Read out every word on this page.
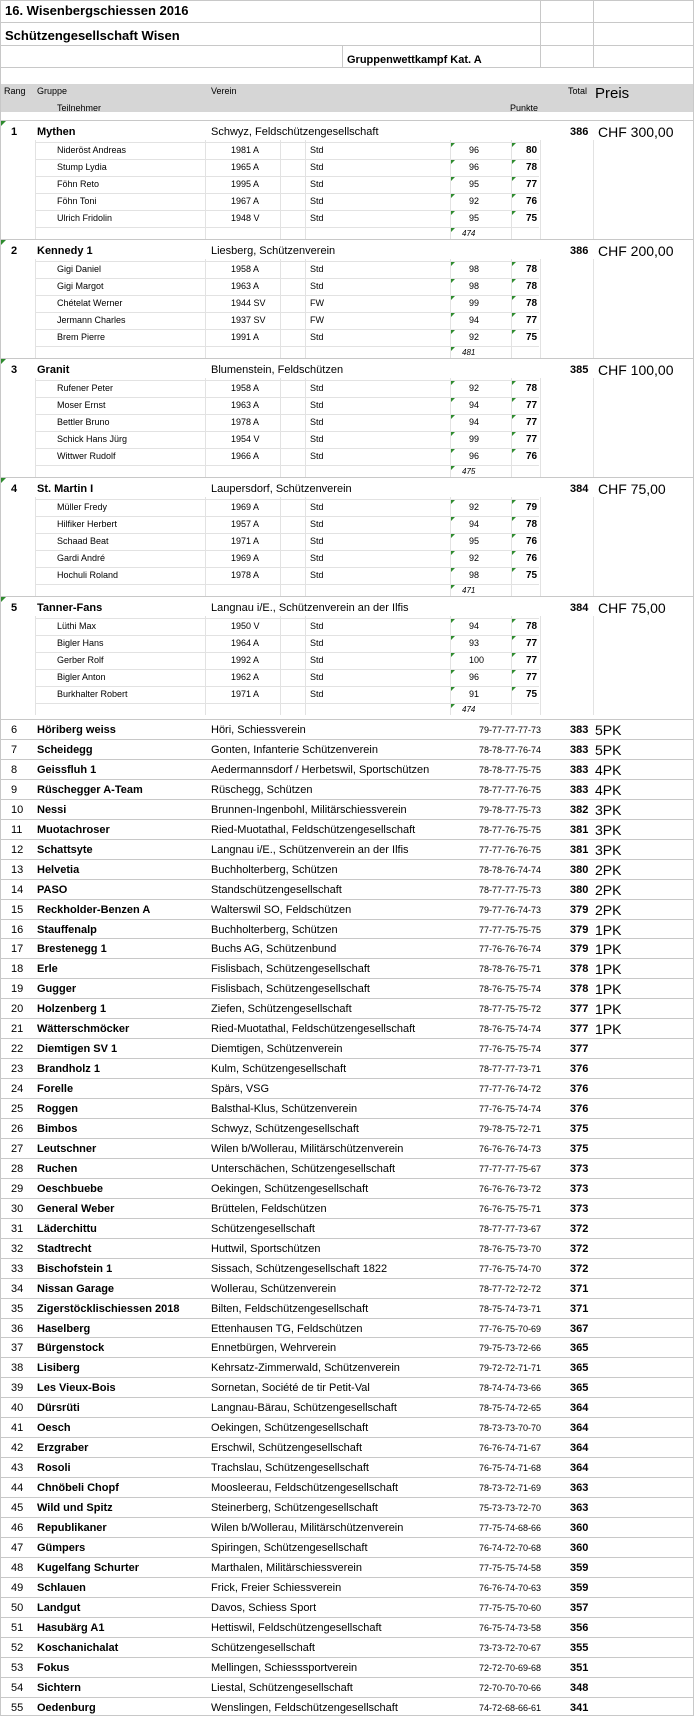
16. Wisenbergschiessen 2016
Schützengesellschaft Wisen
Gruppenwettkampf Kat. A
Rang Gruppe	Verein
Teilnehmer	Punkte
Total Preis
1 Mythen	Schwyz, Feldschützengesellschaft	386 CHF 300,00
Nideröst Andreas	1981 A	Std	96	80
Stump Lydia	1965 A	Std	96	78
Föhn Reto	1995 A	Std	95	77
Föhn Toni	1967 A	Std	92	76
Ulrich Fridolin	1948 V	Std	95	75
474
2 Kennedy 1	Liesberg, Schützenverein	386 CHF 200,00
Gigi Daniel	1958 A	Std	98	78
Gigi Margot	1963 A	Std	98	78
Chételat Werner	1944 SV	FW	99	78
Jermann Charles	1937 SV	FW	94	77
Brem Pierre	1991 A	Std	92	75
481
3 Granit	Blumenstein, Feldschützen	385 CHF 100,00
Rufener Peter	1958 A	Std	92	78
Moser Ernst	1963 A	Std	94	77
Bettler Bruno	1978 A	Std	94	77
Schick Hans Jürg	1954 V	Std	99	77
Wittwer Rudolf	1966 A	Std	96	76
475
4 St. Martin I	Laupersdorf, Schützenverein	384 CHF 75,00
Müller Fredy	1969 A	Std	92	79
Hilfiker Herbert	1957 A	Std	94	78
Schaad Beat	1971 A	Std	95	76
Gardi André	1969 A	Std	92	76
Hochuli Roland	1978 A	Std	98	75
471
5 Tanner-Fans	Langnau i/E., Schützenverein an der Ilfis	384 CHF 75,00
Lüthi Max	1950 V	Std	94	78
Bigler Hans	1964 A	Std	93	77
Gerber Rolf	1992 A	Std	100	77
Bigler Anton	1962 A	Std	96	77
Burkhalter Robert	1971 A	Std	91	75
474
6 Höriberg weiss	Höri, Schiessverein	79-77-77-77-73	383 5PK
7 Scheidegg	Gonten, Infanterie Schützenverein	78-78-77-76-74	383 5PK
8 Geissfluh 1	Aedermannsdorf / Herbetswil, Sportschützen	78-78-77-75-75	383 4PK
9 Rüschegger A-Team	Rüschegg, Schützen	78-77-77-76-75	383 4PK
10 Nessi	Brunnen-Ingenbohl, Militärschiessverein	79-78-77-75-73	382 3PK
11 Muotachroser	Ried-Muotathal, Feldschützengesellschaft	78-77-76-75-75	381 3PK
12 Schattsyte	Langnau i/E., Schützenverein an der Ilfis	77-77-76-76-75	381 3PK
13 Helvetia	Buchholterberg, Schützen	78-78-76-74-74	380 2PK
14 PASO	Standschützengesellschaft	78-77-77-75-73	380 2PK
15 Reckholder-Benzen A	Walterswil SO, Feldschützen	79-77-76-74-73	379 2PK
16 Stauffenalp	Buchholterberg, Schützen	77-77-75-75-75	379 1PK
17 Brestenegg 1	Buchs AG, Schützenbund	77-76-76-76-74	379 1PK
18 Erle	Fislisbach, Schützengesellschaft	78-78-76-75-71	378 1PK
19 Gugger	Fislisbach, Schützengesellschaft	78-76-75-75-74	378 1PK
20 Holzenberg 1	Ziefen, Schützengesellschaft	78-77-75-75-72	377 1PK
21 Wätterschmöcker	Ried-Muotathal, Feldschützengesellschaft	78-76-75-74-74	377 1PK
22 Diemtigen SV 1	Diemtigen, Schützenverein	77-76-75-75-74	377
23 Brandholz 1	Kulm, Schützengesellschaft	78-77-77-73-71	376
24 Forelle	Spärs, VSG	77-77-76-74-72	376
25 Roggen	Balsthal-Klus, Schützenverein	77-76-75-74-74	376
26 Bimbos	Schwyz, Schützengesellschaft	79-78-75-72-71	375
27 Leutschner	Wilen b/Wollerau, Militärschützenverein	76-76-76-74-73	375
28 Ruchen	Unterschächen, Schützengesellschaft	77-77-77-75-67	373
29 Oeschbuebe	Oekingen, Schützengesellschaft	76-76-76-73-72	373
30 General Weber	Brüttelen, Feldschützen	76-76-75-75-71	373
31 Läderchittu	Schützengesellschaft	78-77-77-73-67	372
32 Stadtrecht	Huttwil, Sportschützen	78-76-75-73-70	372
33 Bischofstein 1	Sissach, Schützengesellschaft 1822	77-76-75-74-70	372
34 Nissan Garage	Wollerau, Schützenverein	78-77-72-72-72	371
35 Zigerstöcklischiessen 2018	Bilten, Feldschützengesellschaft	78-75-74-73-71	371
36 Haselberg	Ettenhausen TG, Feldschützen	77-76-75-70-69	367
37 Bürgenstock	Ennetbürgen, Wehrverein	79-75-73-72-66	365
38 Lisiberg	Kehrsatz-Zimmerwald, Schützenverein	79-72-72-71-71	365
39 Les Vieux-Bois	Sornetan, Société de tir Petit-Val	78-74-74-73-66	365
40 Dürsrüti	Langnau-Bärau, Schützengesellschaft	78-75-74-72-65	364
41 Oesch	Oekingen, Schützengesellschaft	78-73-73-70-70	364
42 Erzgraber	Erschwil, Schützengesellschaft	76-76-74-71-67	364
43 Rosoli	Trachslau, Schützengesellschaft	76-75-74-71-68	364
44 Chnöbeli Chopf	Moosleerau, Feldschützengesellschaft	78-73-72-71-69	363
45 Wild und Spitz	Steinerberg, Schützengesellschaft	75-73-73-72-70	363
46 Republikaner	Wilen b/Wollerau, Militärschützenverein	77-75-74-68-66	360
47 Gümpers	Spiringen, Schützengesellschaft	76-74-72-70-68	360
48 Kugelfang Schurter	Marthalen, Militärschiessverein	77-75-75-74-58	359
49 Schlauen	Frick, Freier Schiessverein	76-76-74-70-63	359
50 Landgut	Davos, Schiess Sport	77-75-75-70-60	357
51 Hasubärg A1	Hettiswil, Feldschützengesellschaft	76-75-74-73-58	356
52 Koschanichalat	Schützengesellschaft	73-73-72-70-67	355
53 Fokus	Mellingen, Schiesssportverein	72-72-70-69-68	351
54 Sichtern	Liestal, Schützengesellschaft	72-70-70-70-66	348
55 Oedenburg	Wenslingen, Feldschützengesellschaft	74-72-68-66-61	341
